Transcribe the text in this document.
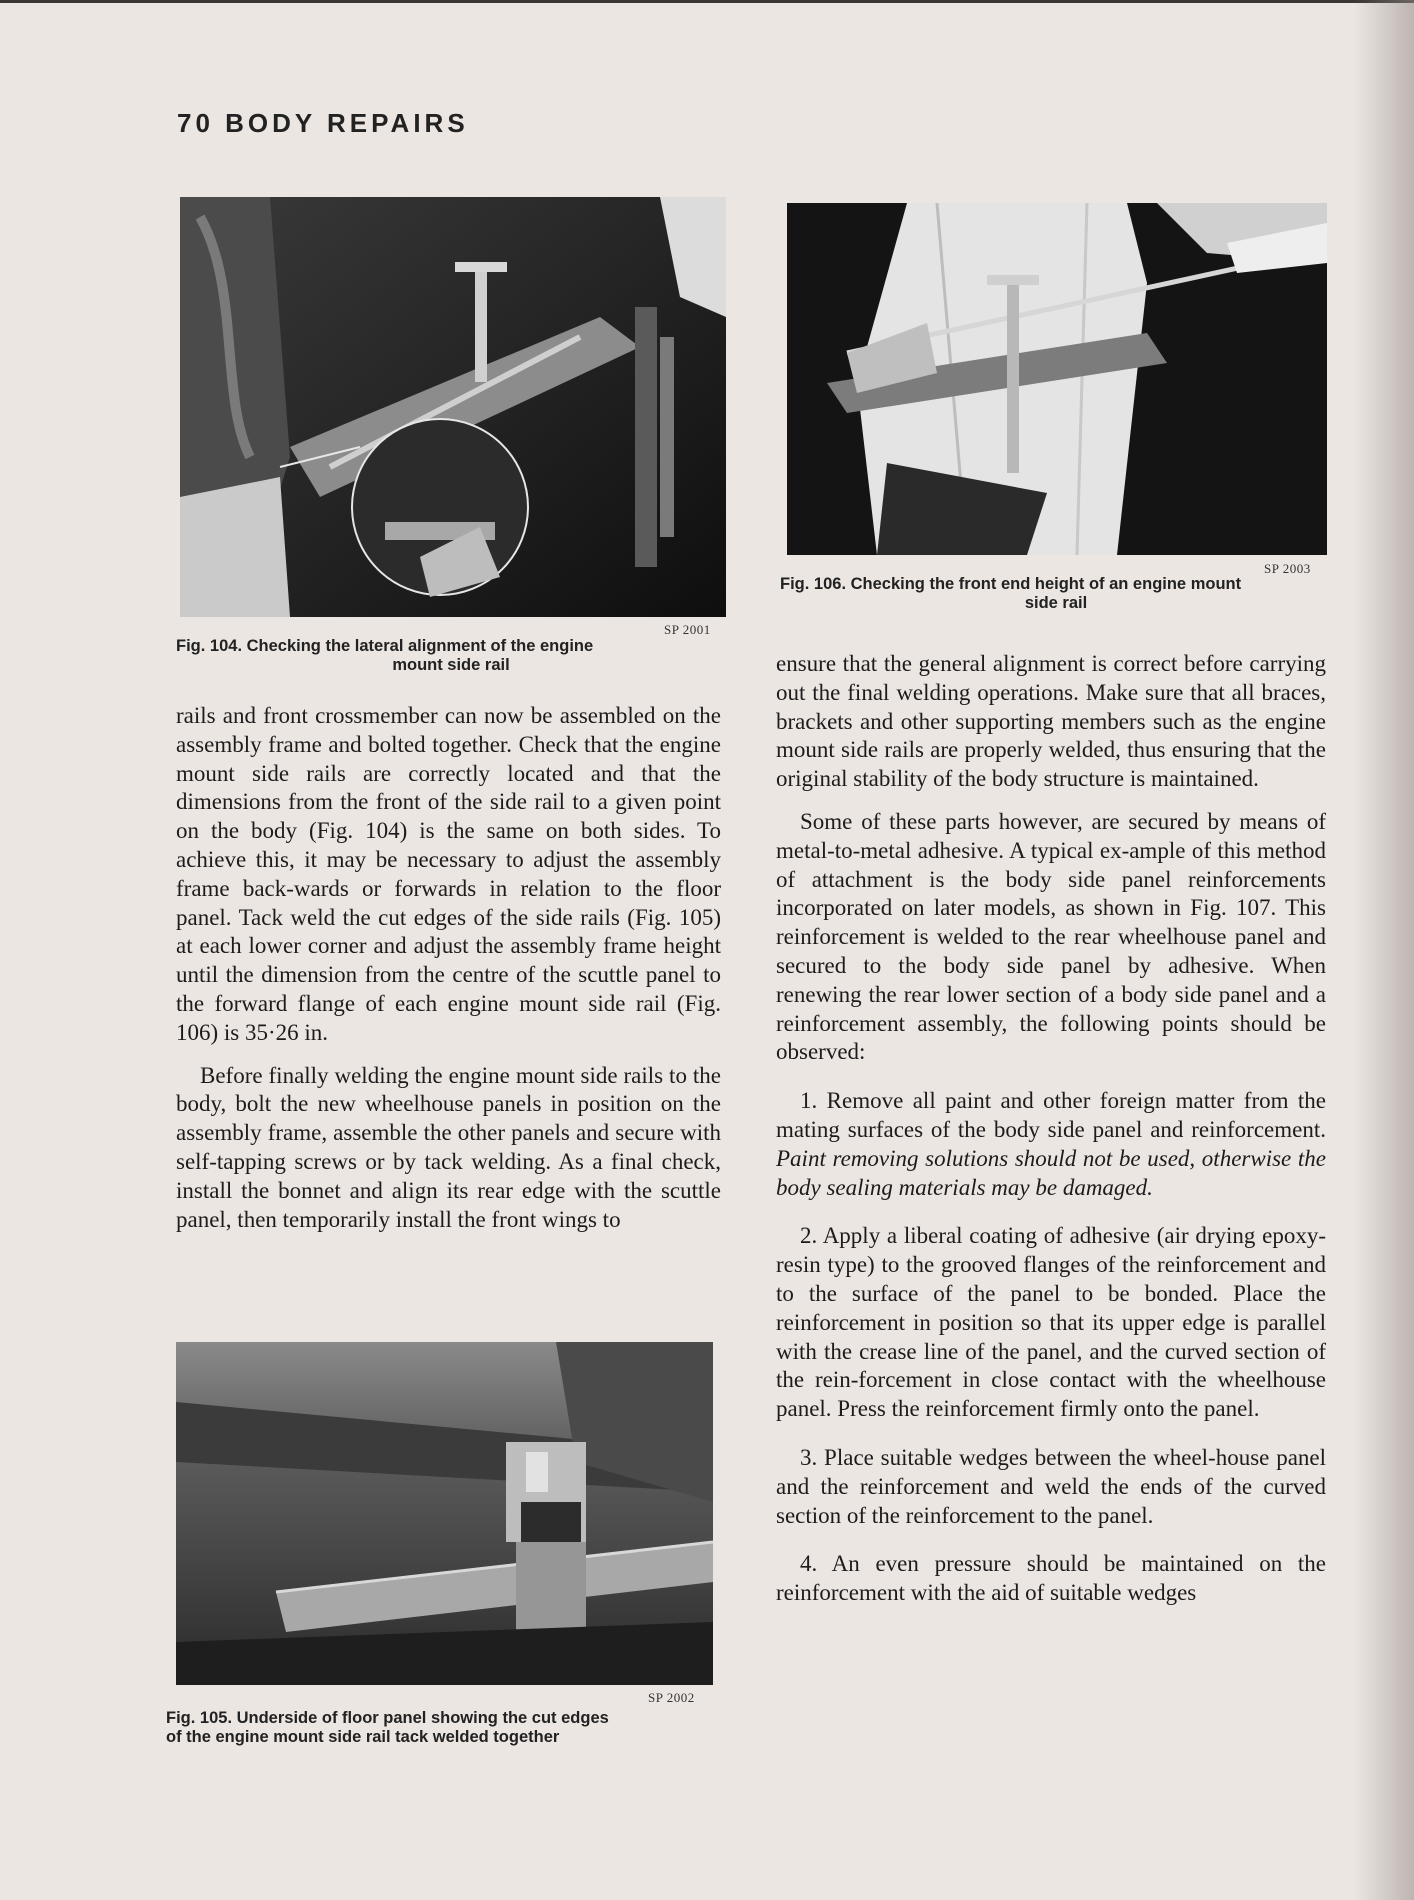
70 BODY REPAIRS
SP 2001
Fig. 104. Checking the lateral alignment of the engine
mount side rail
SP 2003
Fig. 106. Checking the front end height of an engine mount
side rail

rails and front crossmember can now be assembled on the assembly frame and bolted together. Check that the engine mount side rails are correctly located and that the dimensions from the front of the side rail to a given point on the body (Fig. 104) is the same on both sides. To achieve this, it may be necessary to adjust the assembly frame back-wards or forwards in relation to the floor panel. Tack weld the cut edges of the side rails (Fig. 105) at each lower corner and adjust the assembly frame height until the dimension from the centre of the scuttle panel to the forward flange of each engine mount side rail (Fig. 106) is 35·26 in.

Before finally welding the engine mount side rails to the body, bolt the new wheelhouse panels in position on the assembly frame, assemble the other panels and secure with self-tapping screws or by tack welding. As a final check, install the bonnet and align its rear edge with the scuttle panel, then temporarily install the front wings to

SP 2002
Fig. 105. Underside of floor panel showing the cut edges
of the engine mount side rail tack welded together

ensure that the general alignment is correct before carrying out the final welding operations. Make sure that all braces, brackets and other supporting members such as the engine mount side rails are properly welded, thus ensuring that the original stability of the body structure is maintained.

Some of these parts however, are secured by means of metal-to-metal adhesive. A typical ex-ample of this method of attachment is the body side panel reinforcements incorporated on later models, as shown in Fig. 107. This reinforcement is welded to the rear wheelhouse panel and secured to the body side panel by adhesive. When renewing the rear lower section of a body side panel and a reinforcement assembly, the following points should be observed:

1. Remove all paint and other foreign matter from the mating surfaces of the body side panel and reinforcement. Paint removing solutions should not be used, otherwise the body sealing materials may be damaged.

2. Apply a liberal coating of adhesive (air drying epoxy-resin type) to the grooved flanges of the reinforcement and to the surface of the panel to be bonded. Place the reinforcement in position so that its upper edge is parallel with the crease line of the panel, and the curved section of the rein-forcement in close contact with the wheelhouse panel. Press the reinforcement firmly onto the panel.

3. Place suitable wedges between the wheel-house panel and the reinforcement and weld the ends of the curved section of the reinforcement to the panel.

4. An even pressure should be maintained on the reinforcement with the aid of suitable wedges
